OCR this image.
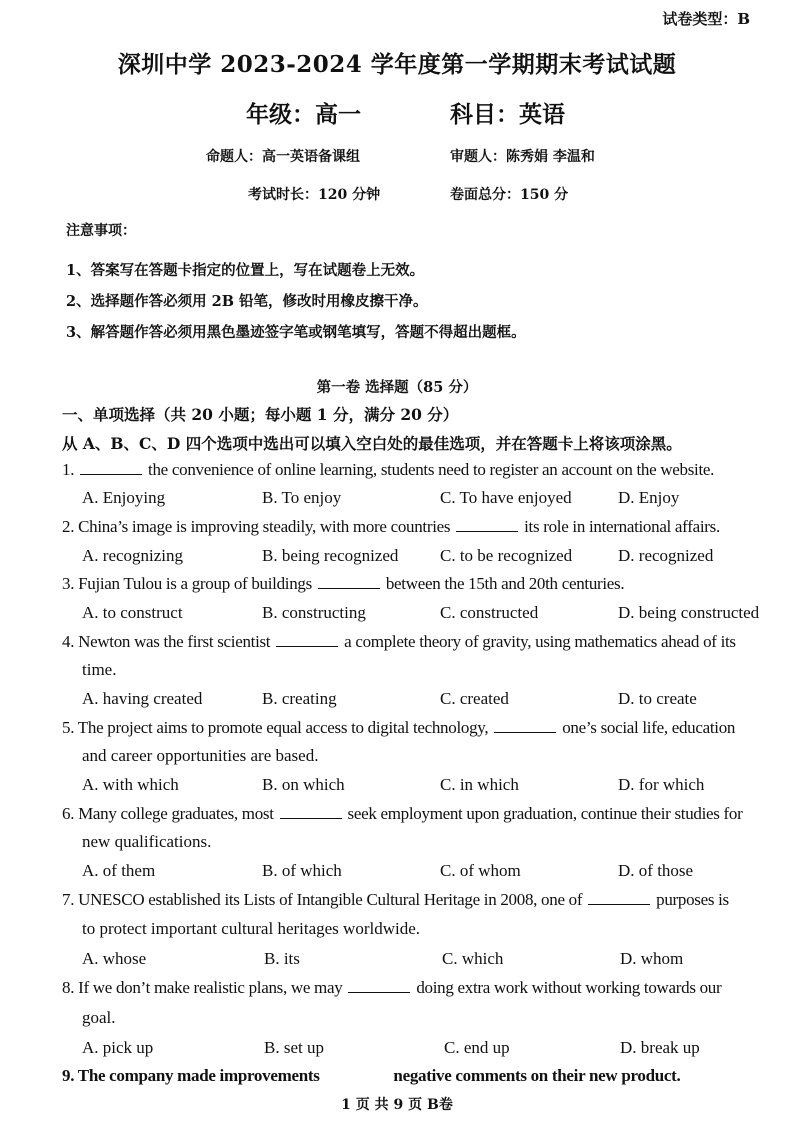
试卷类型：B
深圳中学 2023-2024 学年度第一学期期末考试试题
年级：高一	科目：英语
命题人：高一英语备课组	审题人：陈秀娟 李温和
考试时长：120 分钟	卷面总分：150 分
注意事项：
1、答案写在答题卡指定的位置上，写在试题卷上无效。
2、选择题作答必须用 2B 铅笔，修改时用橡皮擦干净。
3、解答题作答必须用黑色墨迹签字笔或钢笔填写，答题不得超出题框。
第一卷 选择题（85 分）
一、单项选择（共 20 小题；每小题 1 分，满分 20 分）
从 A、B、C、D 四个选项中选出可以填入空白处的最佳选项，并在答题卡上将该项涂黑。
1.	the convenience of online learning, students need to register an account on the website.
A. Enjoying	B. To enjoy	C. To have enjoyed	D. Enjoy
2. China’s image is improving steadily, with more countries	its role in international affairs.
A. recognizing	B. being recognized C. to be recognized	D. recognized
3. Fujian Tulou is a group of buildings	between the 15th and 20th centuries.
A. to construct	B. constructing	C. constructed	D. being constructed
4. Newton was the first scientist	a complete theory of gravity, using mathematics ahead of its
time.
A. having created	B. creating	C. created	D. to create
5. The project aims to promote equal access to digital technology,	one’s social life, education
and career opportunities are based.
A. with which	B. on which	C. in which	D. for which
6. Many college graduates, most	seek employment upon graduation, continue their studies for
new qualifications.
A. of them	B. of which	C. of whom	D. of those
7. UNESCO established its Lists of Intangible Cultural Heritage in 2008, one of	purposes is
to protect important cultural heritages worldwide.
A. whose	B. its	C. which	D. whom
8. If we don’t make realistic plans, we may	doing extra work without working towards our
goal.
A. pick up	B. set up	C. end up	D. break up
9. The company made improvements	negative comments on their new product.
1 页 共 9 页 B卷
